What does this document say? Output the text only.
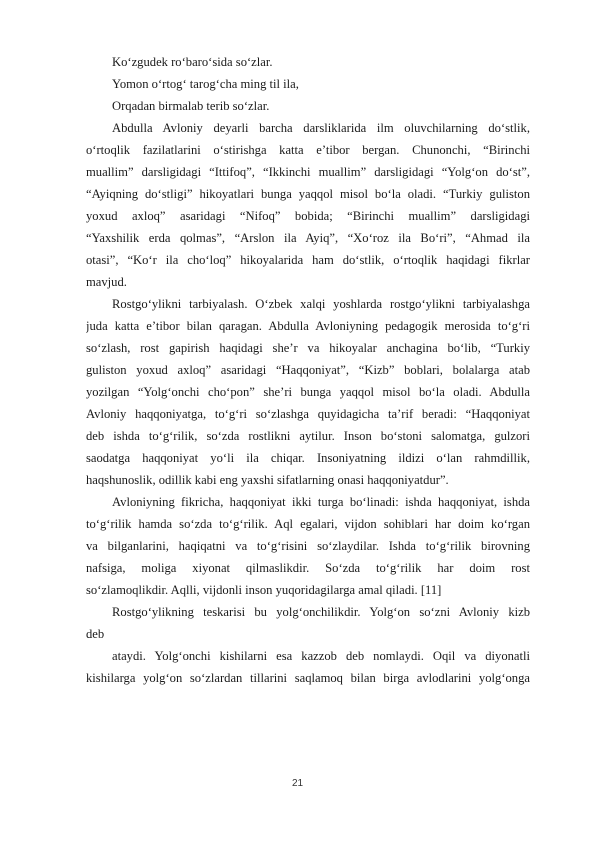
Ko‘zgudek ro‘baro‘sida so‘zlar.
Yomon o‘rtog‘ tarog‘cha ming til ila,
Orqadan birmalab terib so‘zlar.
Abdulla Avloniy deyarli barcha darsliklarida ilm oluvchilarning do‘stlik,
o‘rtoqlik fazilatlarini o‘stirishga katta e’tibor bergan. Chunonchi, “Birinchi
muallim” darsligidagi “Ittifoq”, “Ikkinchi muallim” darsligidagi “Yolg‘on do‘st”,
“Ayiqning do‘stligi” hikoyatlari bunga yaqqol misol bo‘la oladi. “Turkiy guliston
yoxud axloq” asaridagi “Nifoq” bobida; “Birinchi muallim” darsligidagi
“Yaxshilik erda qolmas”, “Arslon ila Ayiq”, “Xo‘roz ila Bo‘ri”, “Ahmad ila
otasi”, “Ko‘r ila cho‘loq” hikoyalarida ham do‘stlik, o‘rtoqlik haqidagi fikrlar
mavjud.
Rostgo‘ylikni tarbiyalash. O‘zbek xalqi yoshlarda rostgo‘ylikni tarbiyalashga
juda katta e’tibor bilan qaragan. Abdulla Avloniyning pedagogik merosida to‘g‘ri
so‘zlash, rost gapirish haqidagi she’r va hikoyalar anchagina bo‘lib, “Turkiy
guliston yoxud axloq” asaridagi “Haqqoniyat”, “Kizb” boblari, bolalarga atab
yozilgan “Yolg‘onchi cho‘pon” she’ri bunga yaqqol misol bo‘la oladi. Abdulla
Avloniy haqqoniyatga, to‘g‘ri so‘zlashga quyidagicha ta’rif beradi: “Haqqoniyat
deb ishda to‘g‘rilik, so‘zda rostlikni aytilur. Inson bo‘stoni salomatga, gulzori
saodatga haqqoniyat yo‘li ila chiqar. Insoniyatning ildizi o‘lan rahmdillik,
haqshunoslik, odillik kabi eng yaxshi sifatlarning onasi haqqoniyatdur”.
Avloniyning fikricha, haqqoniyat ikki turga bo‘linadi: ishda haqqoniyat, ishda
to‘g‘rilik hamda so‘zda to‘g‘rilik. Aql egalari, vijdon sohiblari har doim ko‘rgan
va bilganlarini, haqiqatni va to‘g‘risini so‘zlaydilar. Ishda to‘g‘rilik birovning
nafsiga, moliga xiyonat qilmaslikdir. So‘zda to‘g‘rilik har doim rost
so‘zlamoqlikdir. Aqlli, vijdonli inson yuqoridagilarga amal qiladi. [11]
Rostgo‘ylikning teskarisi bu yolg‘onchilikdir. Yolg‘on so‘zni Avloniy kizb
deb
ataydi. Yolg‘onchi kishilarni esa kazzob deb nomlaydi. Oqil va diyonatli
kishilarga yolg‘on so‘zlardan tillarini saqlamoq bilan birga avlodlarini yolg‘onga
21
